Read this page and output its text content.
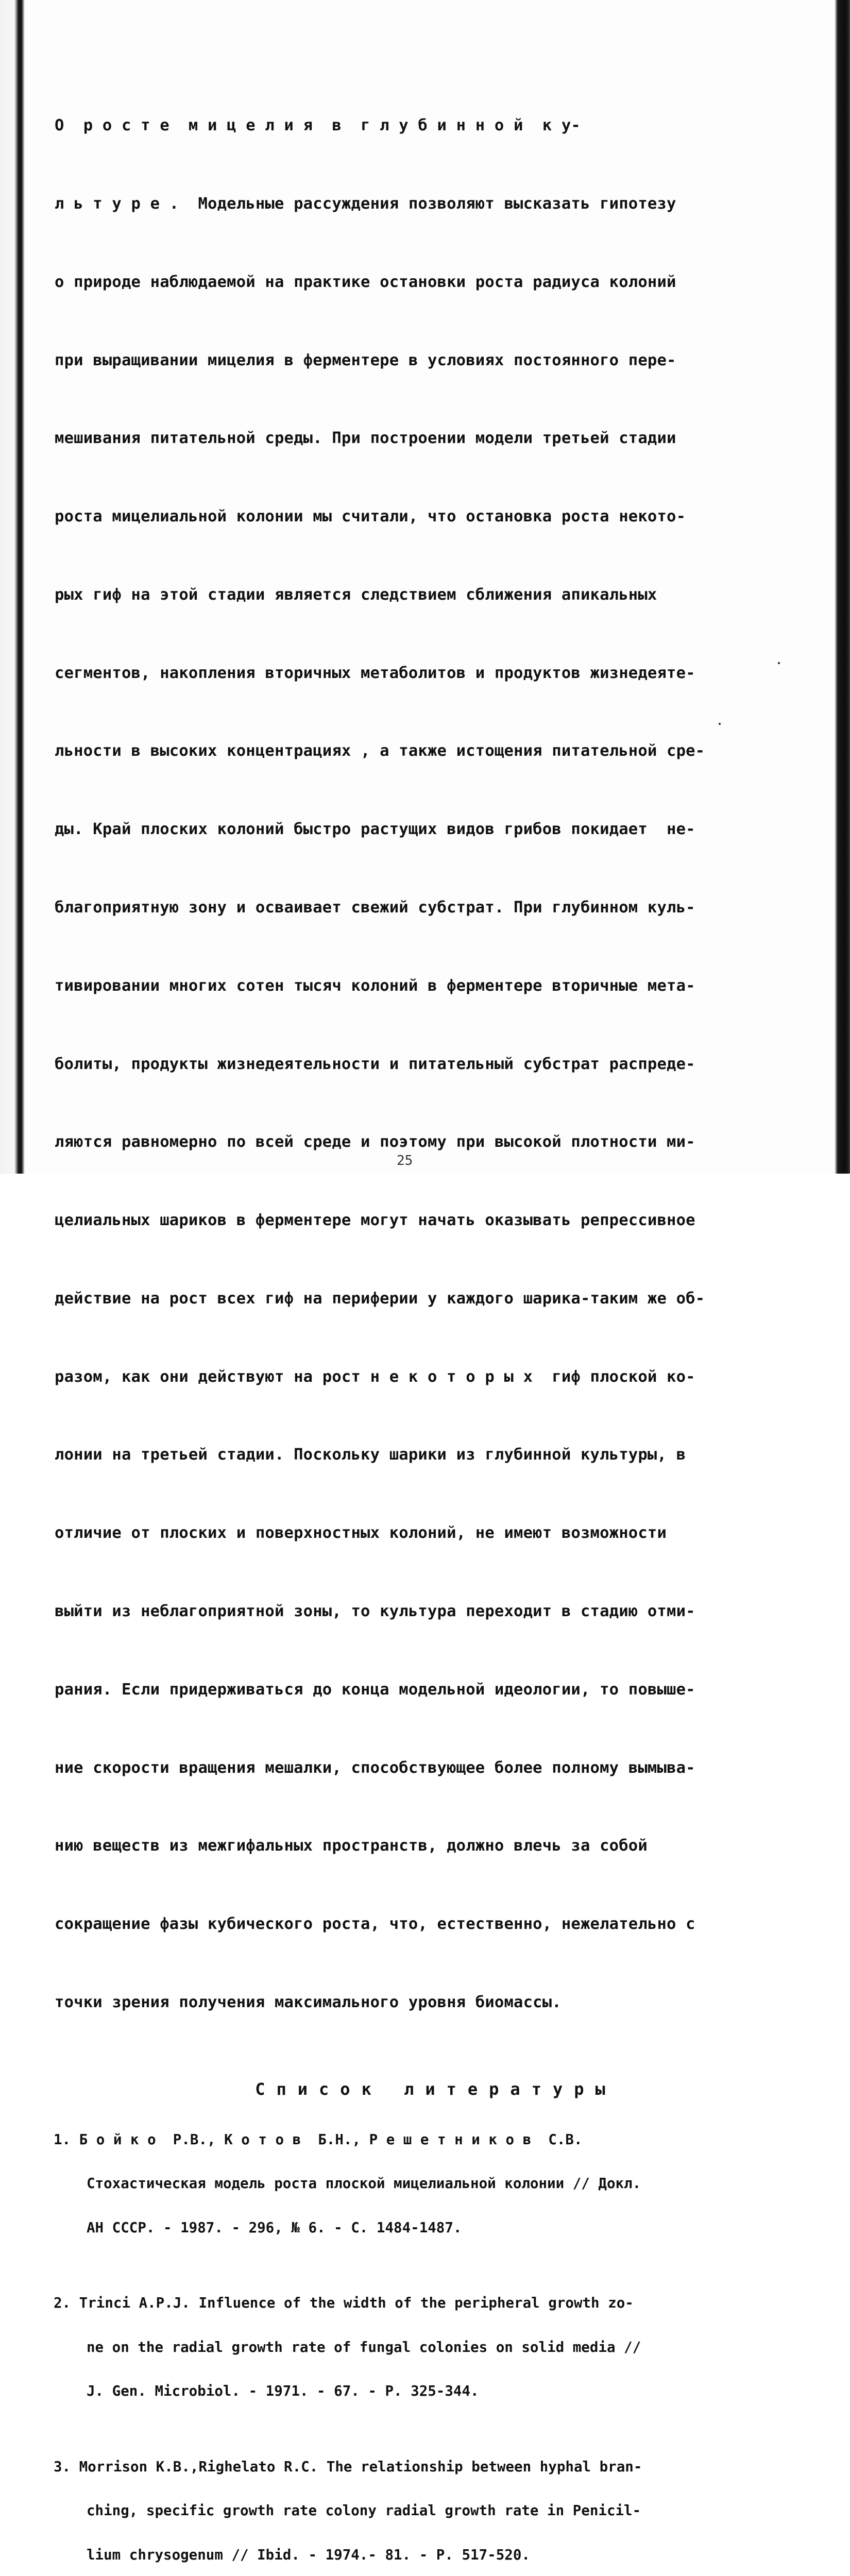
О  р о с т е  м и ц е л и я  в  г л у б и н н о й  к у-

л ь т у р е .  Модельные рассуждения позволяют высказать гипотезу

о природе наблюдаемой на практике остановки роста радиуса колоний

при выращивании мицелия в ферментере в условиях постоянного пере-

мешивания питательной среды. При построении модели третьей стадии

роста мицелиальной колонии мы считали, что остановка роста некото-

рых гиф на этой стадии является следствием сближения апикальных

сегментов, накопления вторичных метаболитов и продуктов жизнедеяте-

льности в высоких концентрациях , а также истощения питательной сре-

ды. Край плоских колоний быстро растущих видов грибов покидает  не-

благоприятную зону и осваивает свежий субстрат. При глубинном куль-

тивировании многих сотен тысяч колоний в ферментере вторичные мета-

болиты, продукты жизнедеятельности и питательный субстрат распреде-

ляются равномерно по всей среде и поэтому при высокой плотности ми-

целиальных шариков в ферментере могут начать оказывать репрессивное

действие на рост всех гиф на периферии у каждого шарика-таким же об-

разом, как они действуют на рост н е к о т о р ы х  гиф плоской ко-

лонии на третьей стадии. Поскольку шарики из глубинной культуры, в

отличие от плоских и поверхностных колоний, не имеют возможности

выйти из неблагоприятной зоны, то культура переходит в стадию отми-

рания. Если придерживаться до конца модельной идеологии, то повыше-

ние скорости вращения мешалки, способствующее более полному вымыва-

нию веществ из межгифальных пространств, должно влечь за собой

сокращение фазы кубического роста, что, естественно, нежелательно с

точки зрения получения максимального уровня биомассы.

Список литературы

1. Б о й к о  Р.В., К о т о в  Б.Н., Р е ш е т н и к о в  С.В.

Стохастическая модель роста плоской мицелиальной колонии // Докл.

АН СССР. - 1987. - 296, № 6. - С. 1484-1487.

2. Trinci A.P.J. Influence of the width of the peripheral growth zo-

ne on the radial growth rate of fungal colonies on solid media //

J. Gen. Microbiol. - 1971. - 67. - P. 325-344.

3. Morrison K.B.,Righelato R.C. The relationship between hyphal bran-

ching, specific growth rate colony radial growth rate in Penicil-

lium chrysogenum // Ibid. - 1974.- 81. - P. 517-520.

25
